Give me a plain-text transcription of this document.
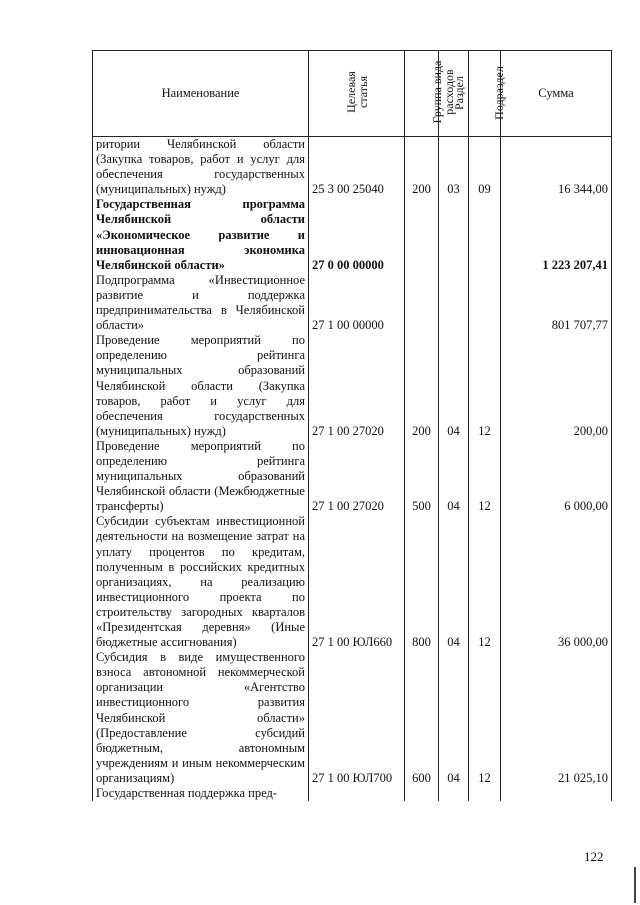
Наименование	Целевая статья	Группа вида расходов	Раздел	Подраздел	Сумма
ритории Челябинской области (Закупка товаров, работ и услуг для обеспечения государственных (муниципальных) нужд)	25 3 00 25040	200	03	09	16 344,00
Государственная программа Челябинской области «Экономическое развитие и инновационная экономика Челябинской области»	27 0 00 00000				1 223 207,41
Подпрограмма «Инвестиционное развитие и поддержка предпринимательства в Челябинской области»	27 1 00 00000				801 707,77
Проведение мероприятий по определению рейтинга муниципальных образований Челябинской области (Закупка товаров, работ и услуг для обеспечения государственных (муниципальных) нужд)	27 1 00 27020	200	04	12	200,00
Проведение мероприятий по определению рейтинга муниципальных образований Челябинской области (Межбюджетные трансферты)	27 1 00 27020	500	04	12	6 000,00
Субсидии субъектам инвестиционной деятельности на возмещение затрат на уплату процентов по кредитам, полученным в российских кредитных организациях, на реализацию инвестиционного проекта по строительству загородных кварталов «Президентская деревня» (Иные бюджетные ассигнования)	27 1 00 ЮЛ660	800	04	12	36 000,00
Субсидия в виде имущественного взноса автономной некоммерческой организации «Агентство инвестиционного развития Челябинской области» (Предоставление субсидий бюджетным, автономным учреждениям и иным некоммерческим организациям)	27 1 00 ЮЛ700	600	04	12	21 025,10
Государственная поддержка пред-					
122
